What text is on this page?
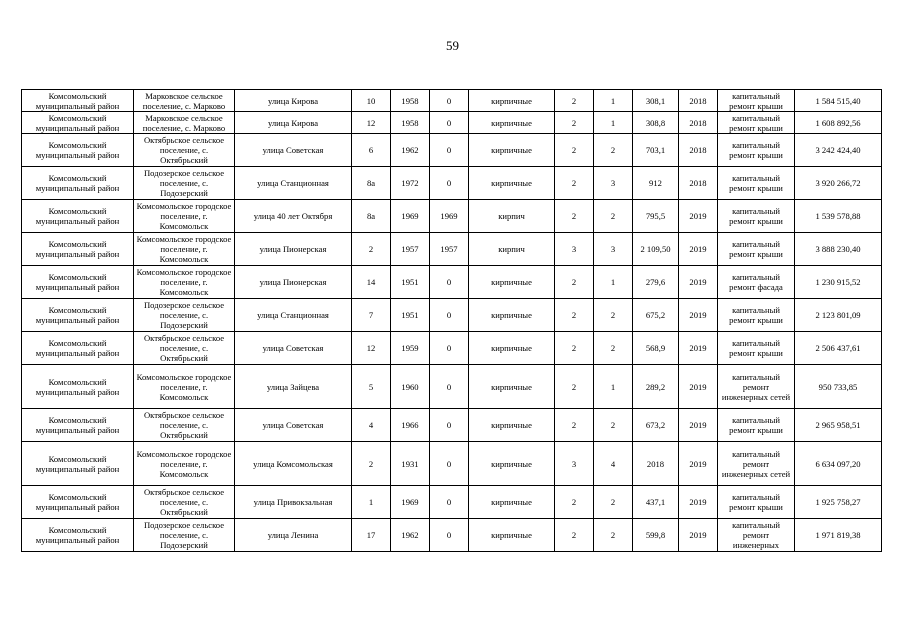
59
Комсомольский муниципальный район	Марковское сельское поселение, с. Марково	улица Кирова	10	1958	0	кирпичные	2	1	308,1	2018	капитальный ремонт крыши	1 584 515,40
Комсомольский муниципальный район	Марковское сельское поселение, с. Марково	улица Кирова	12	1958	0	кирпичные	2	1	308,8	2018	капитальный ремонт крыши	1 608 892,56
Комсомольский муниципальный район	Октябрьское сельское поселение, с. Октябрьский	улица Советская	6	1962	0	кирпичные	2	2	703,1	2018	капитальный ремонт крыши	3 242 424,40
Комсомольский муниципальный район	Подозерское сельское поселение, с. Подозерский	улица Станционная	8а	1972	0	кирпичные	2	3	912	2018	капитальный ремонт крыши	3 920 266,72
Комсомольский муниципальный район	Комсомольское городское поселение, г. Комсомольск	улица 40 лет Октября	8а	1969	1969	кирпич	2	2	795,5	2019	капитальный ремонт крыши	1 539 578,88
Комсомольский муниципальный район	Комсомольское городское поселение, г. Комсомольск	улица Пионерская	2	1957	1957	кирпич	3	3	2 109,50	2019	капитальный ремонт крыши	3 888 230,40
Комсомольский муниципальный район	Комсомольское городское поселение, г. Комсомольск	улица Пионерская	14	1951	0	кирпичные	2	1	279,6	2019	капитальный ремонт фасада	1 230 915,52
Комсомольский муниципальный район	Подозерское сельское поселение, с. Подозерский	улица Станционная	7	1951	0	кирпичные	2	2	675,2	2019	капитальный ремонт крыши	2 123 801,09
Комсомольский муниципальный район	Октябрьское сельское поселение, с. Октябрьский	улица Советская	12	1959	0	кирпичные	2	2	568,9	2019	капитальный ремонт крыши	2 506 437,61
Комсомольский муниципальный район	Комсомольское городское поселение, г. Комсомольск	улица Зайцева	5	1960	0	кирпичные	2	1	289,2	2019	капитальный ремонт инженерных сетей	950 733,85
Комсомольский муниципальный район	Октябрьское сельское поселение, с. Октябрьский	улица Советская	4	1966	0	кирпичные	2	2	673,2	2019	капитальный ремонт крыши	2 965 958,51
Комсомольский муниципальный район	Комсомольское городское поселение, г. Комсомольск	улица Комсомольская	2	1931	0	кирпичные	3	4	2018	2019	капитальный ремонт инженерных сетей	6 634 097,20
Комсомольский муниципальный район	Октябрьское сельское поселение, с. Октябрьский	улица Привокзальная	1	1969	0	кирпичные	2	2	437,1	2019	капитальный ремонт крыши	1 925 758,27
Комсомольский муниципальный район	Подозерское сельское поселение, с. Подозерский	улица Ленина	17	1962	0	кирпичные	2	2	599,8	2019	капитальный ремонт инженерных	1 971 819,38
